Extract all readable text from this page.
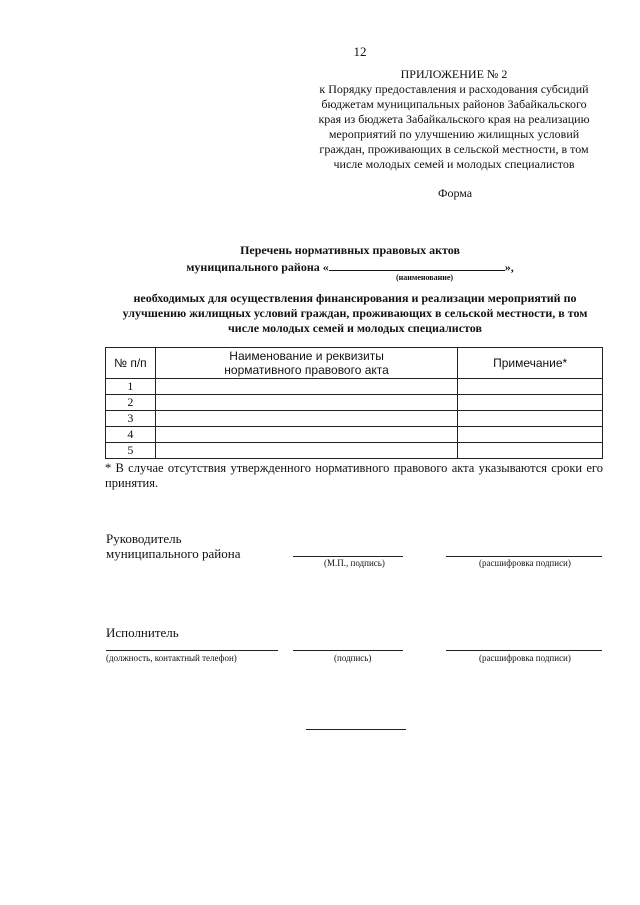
12
ПРИЛОЖЕНИЕ № 2
к Порядку предоставления и расходования субсидий
бюджетам муниципальных районов Забайкальского
края из бюджета Забайкальского края на реализацию
мероприятий по улучшению жилищных условий
граждан, проживающих в сельской местности, в том
числе молодых семей и молодых специалистов
Форма
Перечень нормативных правовых актов
муниципального района «	»,
(наименование)
необходимых для осуществления финансирования и реализации мероприятий по
улучшению жилищных условий граждан, проживающих в сельской местности, в том
числе молодых семей и молодых специалистов
№ п/п	Наименование и реквизиты нормативного правового акта	Примечание*
1		
2		
3		
4		
5		
* В случае отсутствия утвержденного нормативного правового акта указываются сроки его принятия.
Руководитель
муниципального района
(М.П., подпись)	(расшифровка подписи)
Исполнитель
(должность, контактный телефон)	(подпись)	(расшифровка подписи)
